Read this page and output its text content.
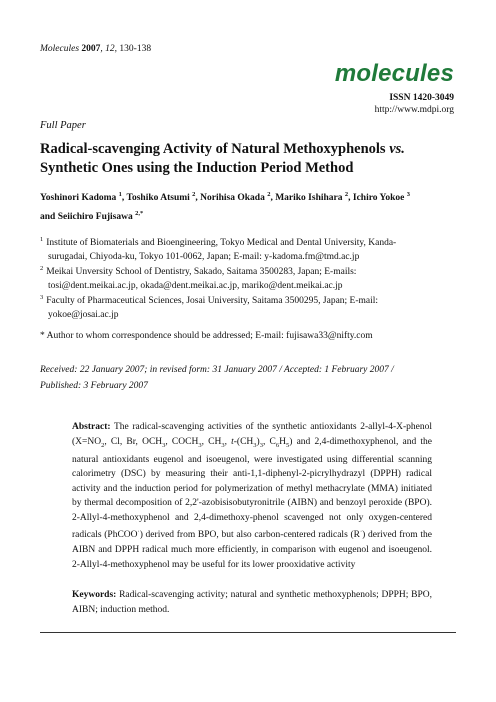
Molecules 2007, 12, 130-138
molecules
ISSN 1420-3049
http://www.mdpi.org
Full Paper
Radical-scavenging Activity of Natural Methoxyphenols vs. Synthetic Ones using the Induction Period Method
Yoshinori Kadoma $^1$, Toshiko Atsumi $^2$, Norihisa Okada $^2$, Mariko Ishihara $^2$, Ichiro Yokoe $^3$
and Seiichiro Fujisawa $^{2,*}$
$^1$ Institute of Biomaterials and Bioengineering, Tokyo Medical and Dental University, Kanda-
surugadai, Chiyoda-ku, Tokyo 101-0062, Japan; E-mail: y-kadoma.fm@tmd.ac.jp
$^2$ Meikai Unversity School of Dentistry, Sakado, Saitama 3500283, Japan; E-mails:
tosi@dent.meikai.ac.jp, okada@dent.meikai.ac.jp, mariko@dent.meikai.ac.jp
$^3$ Faculty of Pharmaceutical Sciences, Josai University, Saitama 3500295, Japan; E-mail:
yokoe@josai.ac.jp
* Author to whom correspondence should be addressed; E-mail: fujisawa33@nifty.com
Received: 22 January 2007; in revised form: 31 January 2007 / Accepted: 1 February 2007 /
Published: 3 February 2007
Abstract: The radical-scavenging activities of the synthetic antioxidants 2-allyl-4-X-phenol ($X=NO_2$, Cl, Br, $OCH_3$, $COCH_3$, $CH_3$, $t-(CH_3)_3$, $C_6H_5$) and 2,4-dimethoxyphenol, and the natural antioxidants eugenol and isoeugenol, were investigated using differential scanning calorimetry (DSC) by measuring their anti-1,1-diphenyl-2-picrylhydrazyl (DPPH) radical activity and the induction period for polymerization of methyl methacrylate (MMA) initiated by thermal decomposition of 2,2'-azobisisobutyronitrile (AIBN) and benzoyl peroxide (BPO). 2-Allyl-4-methoxyphenol and 2,4-dimethoxy-phenol scavenged not only oxygen-centered radicals (PhCOO·) derived from BPO, but also carbon-centered radicals (R·) derived from the AIBN and DPPH radical much more efficiently, in comparison with eugenol and isoeugenol. 2-Allyl-4-methoxyphenol may be useful for its lower prooxidative activity
Keywords: Radical-scavenging activity; natural and synthetic methoxyphenols; DPPH; BPO, AIBN; induction method.
